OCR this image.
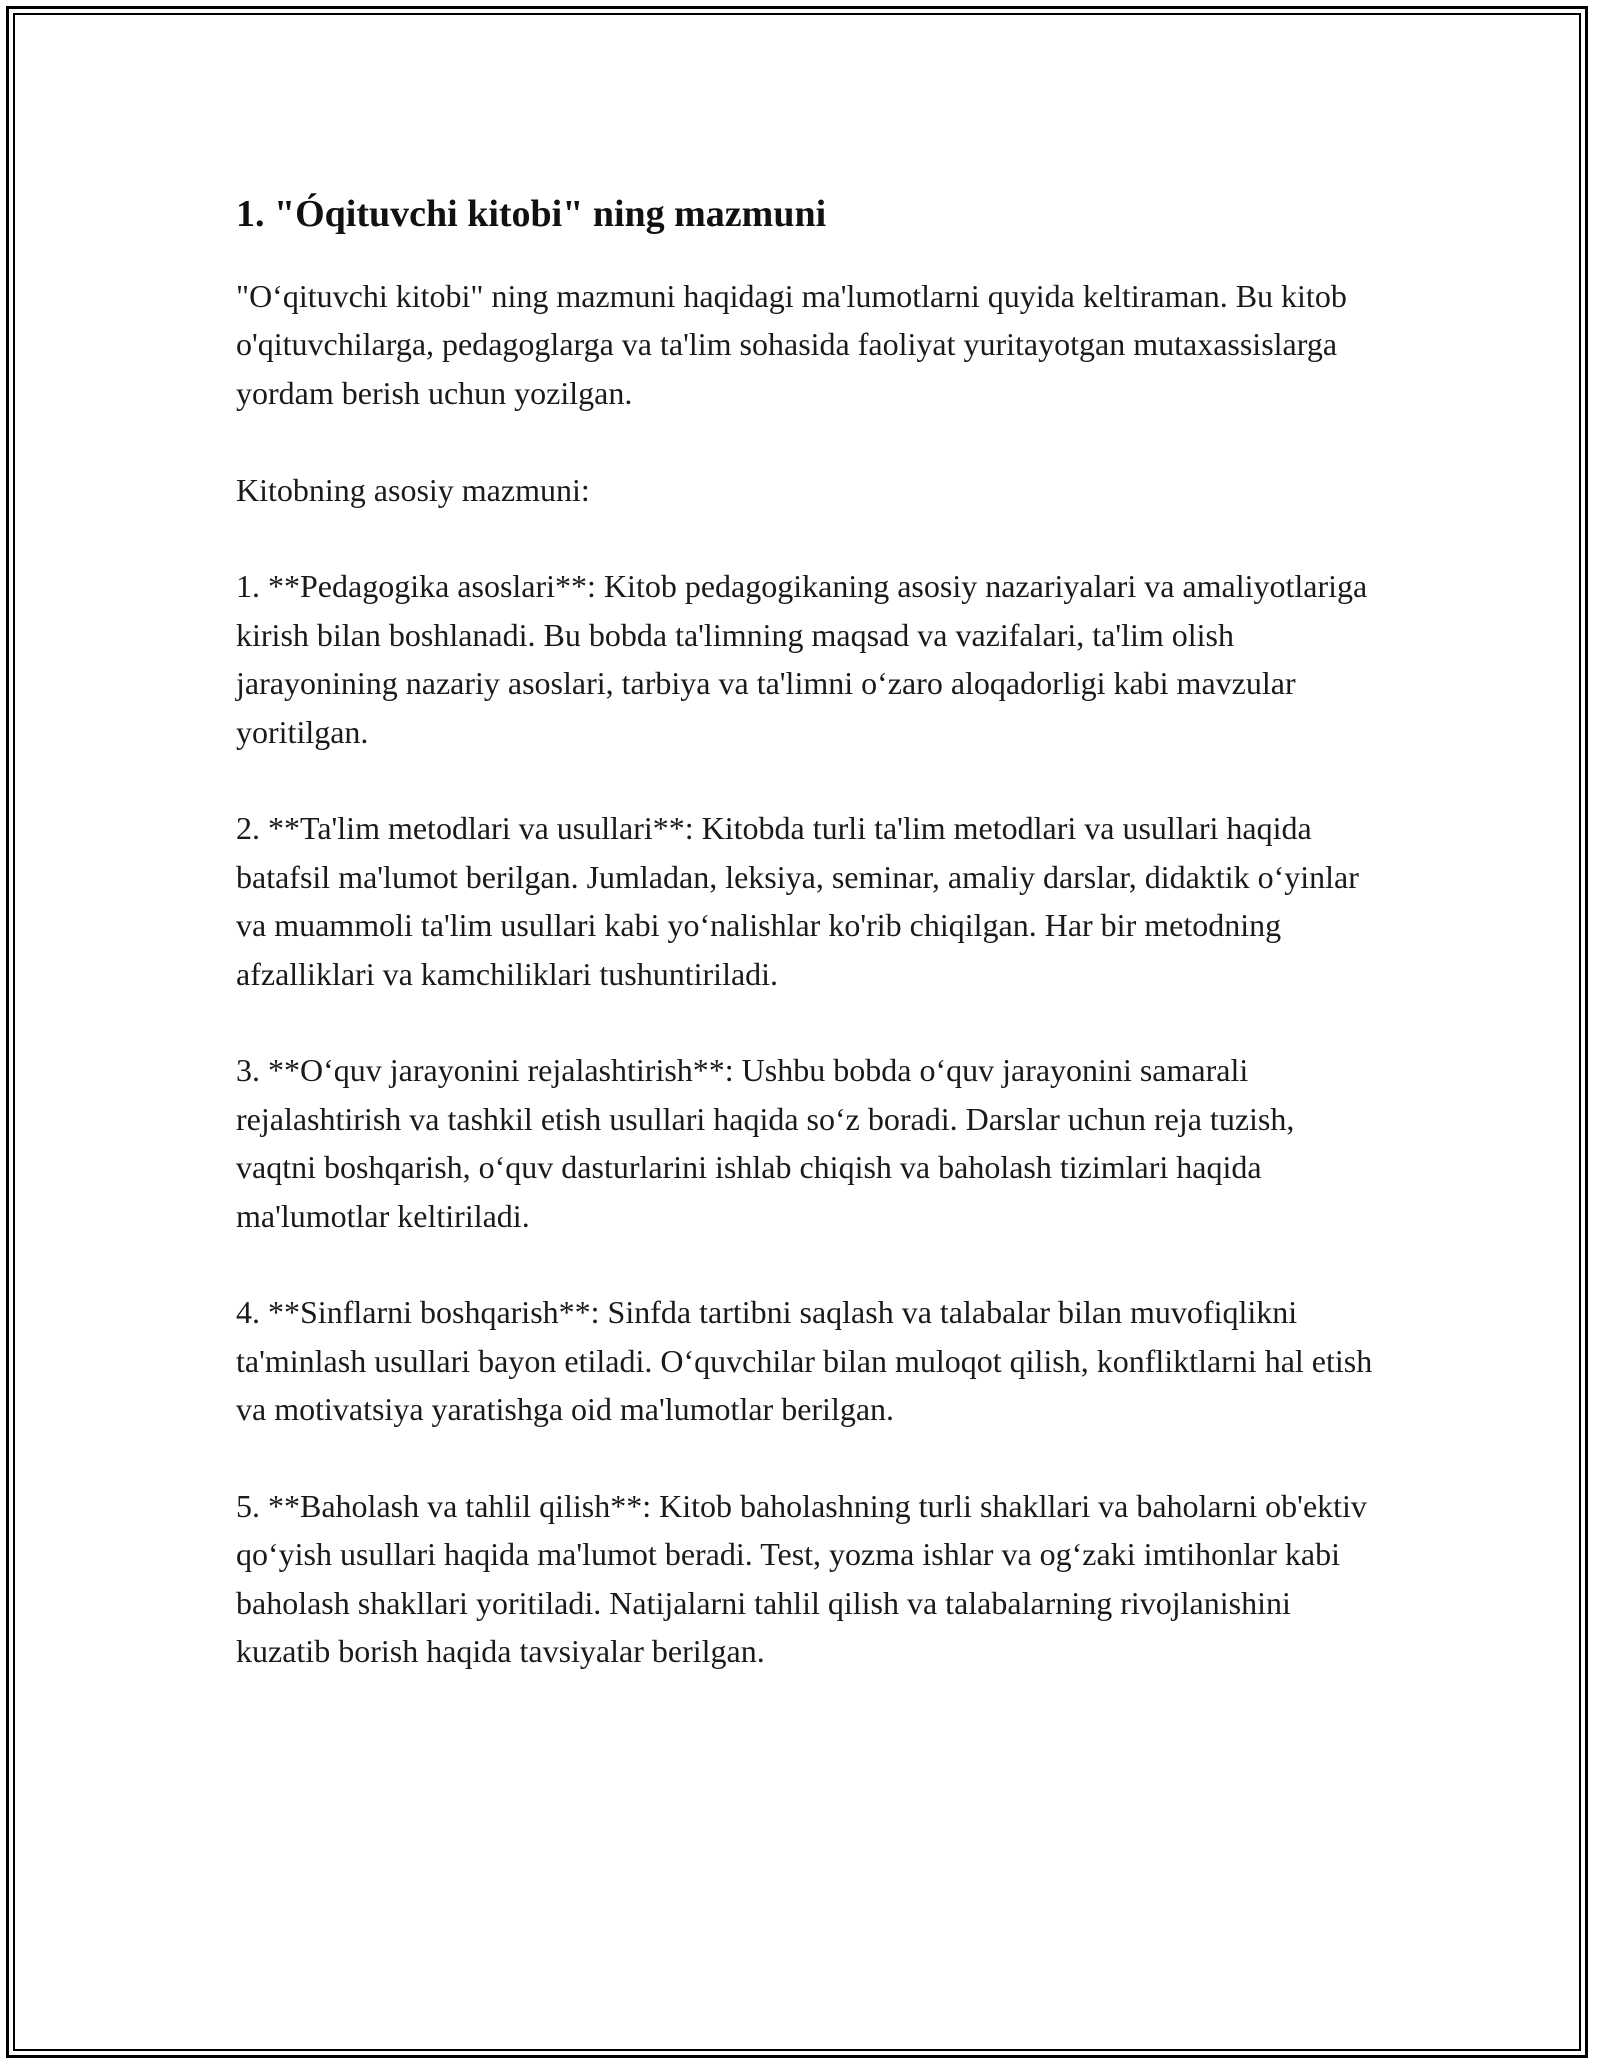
1. "Óqituvchi kitobi" ning mazmuni

"O‘qituvchi kitobi" ning mazmuni haqidagi ma'lumotlarni quyida keltiraman. Bu kitob o'qituvchilarga, pedagoglarga va ta'lim sohasida faoliyat yuritayotgan mutaxassislarga yordam berish uchun yozilgan.

Kitobning asosiy mazmuni:

1. **Pedagogika asoslari**: Kitob pedagogikaning asosiy nazariyalari va amaliyotlariga kirish bilan boshlanadi. Bu bobda ta'limning maqsad va vazifalari, ta'lim olish jarayonining nazariy asoslari, tarbiya va ta'limni o‘zaro aloqadorligi kabi mavzular yoritilgan.

2. **Ta'lim metodlari va usullari**: Kitobda turli ta'lim metodlari va usullari haqida batafsil ma'lumot berilgan. Jumladan, leksiya, seminar, amaliy darslar, didaktik o‘yinlar va muammoli ta'lim usullari kabi yo‘nalishlar ko'rib chiqilgan. Har bir metodning afzalliklari va kamchiliklari tushuntiriladi.

3. **O‘quv jarayonini rejalashtirish**: Ushbu bobda o‘quv jarayonini samarali rejalashtirish va tashkil etish usullari haqida so‘z boradi. Darslar uchun reja tuzish, vaqtni boshqarish, o‘quv dasturlarini ishlab chiqish va baholash tizimlari haqida ma'lumotlar keltiriladi.

4. **Sinflarni boshqarish**: Sinfda tartibni saqlash va talabalar bilan muvofiqlikni ta'minlash usullari bayon etiladi. O‘quvchilar bilan muloqot qilish, konfliktlarni hal etish va motivatsiya yaratishga oid ma'lumotlar berilgan.

5. **Baholash va tahlil qilish**: Kitob baholashning turli shakllari va baholarni ob'ektiv qo‘yish usullari haqida ma'lumot beradi. Test, yozma ishlar va og‘zaki imtihonlar kabi baholash shakllari yoritiladi. Natijalarni tahlil qilish va talabalarning rivojlanishini kuzatib borish haqida tavsiyalar berilgan.
